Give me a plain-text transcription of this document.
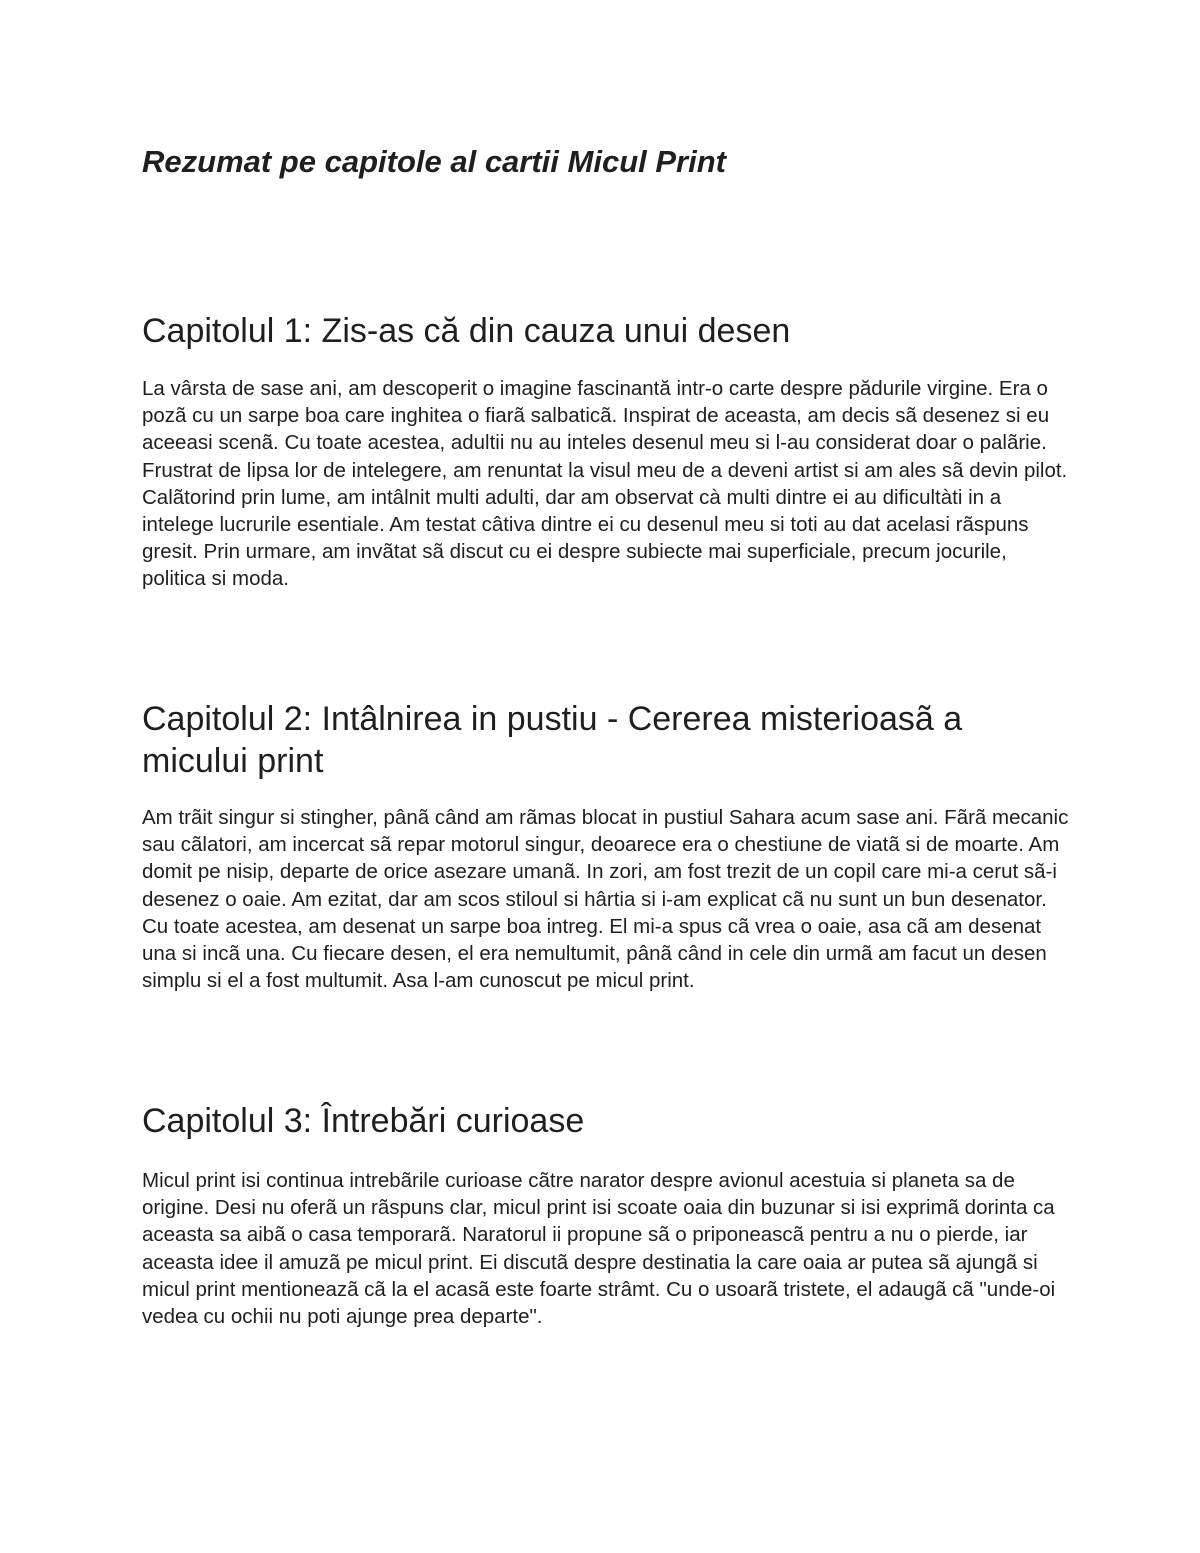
Rezumat pe capitole al cartii Micul Print
Capitolul 1: Zis-as că din cauza unui desen

La vârsta de sase ani, am descoperit o imagine fascinantă intr-o carte despre pădurile virgine. Era o pozã cu un sarpe boa care inghitea o fiarã salbaticã. Inspirat de aceasta, am decis sã desenez si eu aceeasi scenã. Cu toate acestea, adultii nu au inteles desenul meu si l-au considerat doar o palãrie. Frustrat de lipsa lor de intelegere, am renuntat la visul meu de a deveni artist si am ales sã devin pilot. Calãtorind prin lume, am intâlnit multi adulti, dar am observat cà multi dintre ei au dificultàti in a intelege lucrurile esentiale. Am testat câtiva dintre ei cu desenul meu si toti au dat acelasi rãspuns gresit. Prin urmare, am invãtat sã discut cu ei despre subiecte mai superficiale, precum jocurile, politica si moda.

Capitolul 2: Intâlnirea in pustiu - Cererea misterioasã a micului print

Am trãit singur si stingher, pânã când am rãmas blocat in pustiul Sahara acum sase ani. Fãrã mecanic sau cãlatori, am incercat sã repar motorul singur, deoarece era o chestiune de viatã si de moarte. Am domit pe nisip, departe de orice asezare umanã. In zori, am fost trezit de un copil care mi-a cerut sã-i desenez o oaie. Am ezitat, dar am scos stiloul si hârtia si i-am explicat cã nu sunt un bun desenator. Cu toate acestea, am desenat un sarpe boa intreg. El mi-a spus cã vrea o oaie, asa cã am desenat una si incã una. Cu fiecare desen, el era nemultumit, pânã când in cele din urmã am facut un desen simplu si el a fost multumit. Asa l-am cunoscut pe micul print.

Capitolul 3: Întrebări curioase

Micul print isi continua intrebãrile curioase cãtre narator despre avionul acestuia si planeta sa de origine. Desi nu oferã un rãspuns clar, micul print isi scoate oaia din buzunar si isi exprimã dorinta ca aceasta sa aibã o casa temporarã. Naratorul ii propune sã o priponeascã pentru a nu o pierde, iar aceasta idee il amuzã pe micul print. Ei discutã despre destinatia la care oaia ar putea sã ajungã si micul print mentioneazã cã la el acasã este foarte strâmt. Cu o usoarã tristete, el adaugã cã "unde-oi vedea cu ochii nu poti ajunge prea departe".
